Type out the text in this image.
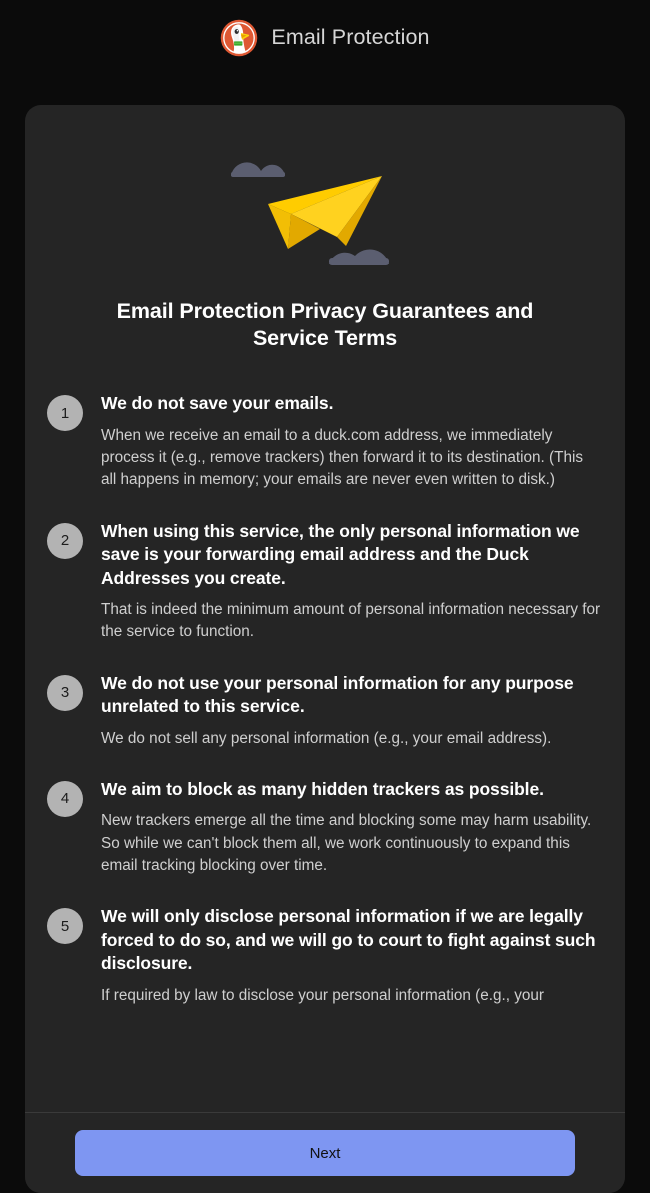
Email Protection
Email Protection Privacy Guarantees and Service Terms
1	We do not save your emails.
When we receive an email to a duck.com address, we immediately process it (e.g., remove trackers) then forward it to its destination. (This all happens in memory; your emails are never even written to disk.)
2	When using this service, the only personal information we save is your forwarding email address and the Duck Addresses you create.
That is indeed the minimum amount of personal information necessary for the service to function.
3	We do not use your personal information for any purpose unrelated to this service.
We do not sell any personal information (e.g., your email address).
4	We aim to block as many hidden trackers as possible.
New trackers emerge all the time and blocking some may harm usability. So while we can't block them all, we work continuously to expand this email tracking blocking over time.
5	We will only disclose personal information if we are legally forced to do so, and we will go to court to fight against such disclosure.
If required by law to disclose your personal information (e.g., your
Next
